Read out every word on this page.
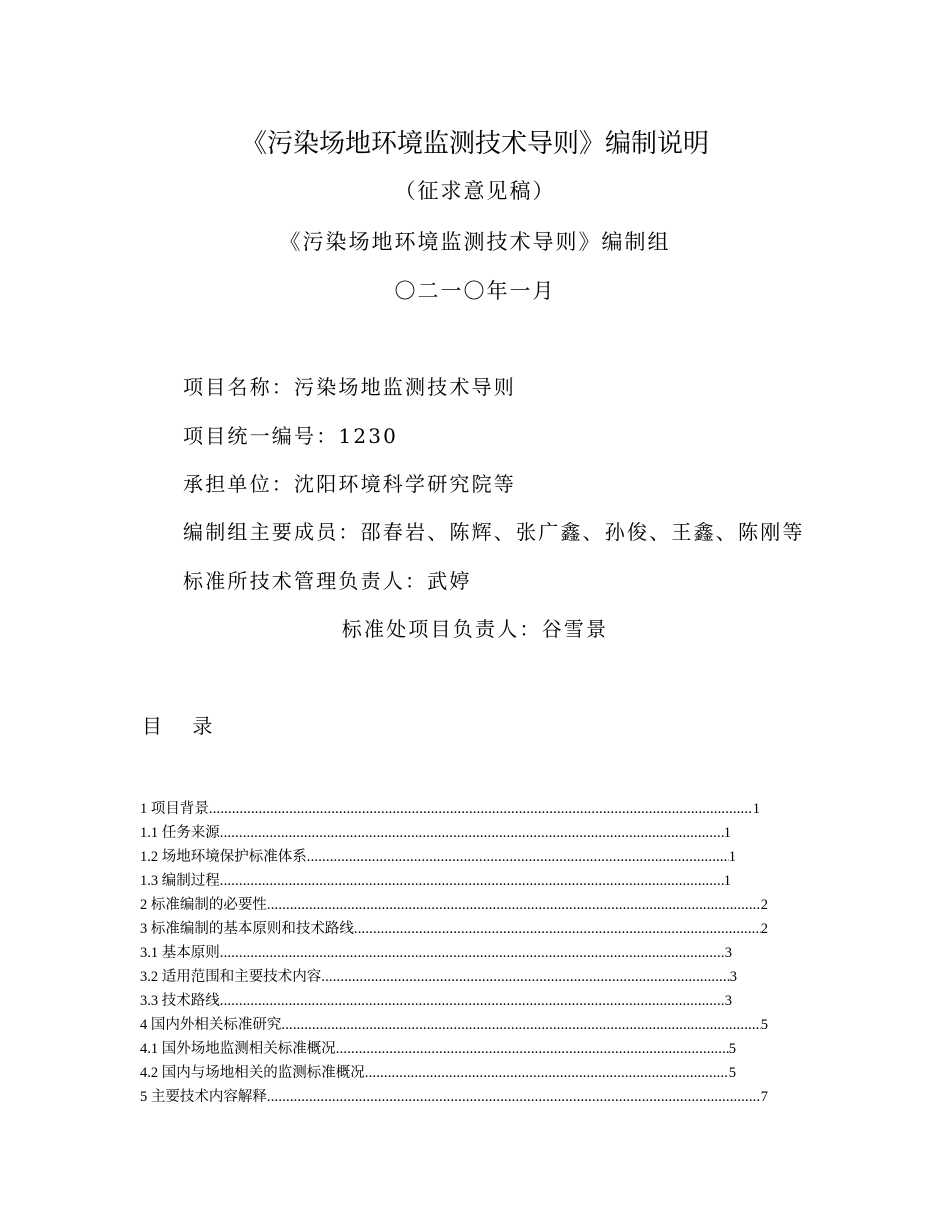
《污染场地环境监测技术导则》编制说明
（征求意见稿）
《污染场地环境监测技术导则》编制组
〇二一〇年一月
项目名称：污染场地监测技术导则
项目统一编号：1230
承担单位：沈阳环境科学研究院等
编制组主要成员：邵春岩、陈辉、张广鑫、孙俊、王鑫、陈刚等
标准所技术管理负责人：武婷
标准处项目负责人：谷雪景
目 录
1 项目背景 .....	1
1.1 任务来源 .....	1
1.2 场地环境保护标准体系 .....	1
1.3 编制过程 .....	1
2 标准编制的必要性 .....	2
3 标准编制的基本原则和技术路线 .....	2
3.1 基本原则 .....	3
3.2 适用范围和主要技术内容 .....	3
3.3 技术路线 .....	3
4 国内外相关标准研究 .....	5
4.1 国外场地监测相关标准概况 .....	5
4.2 国内与场地相关的监测标准概况 .....	5
5 主要技术内容解释 .....	7
